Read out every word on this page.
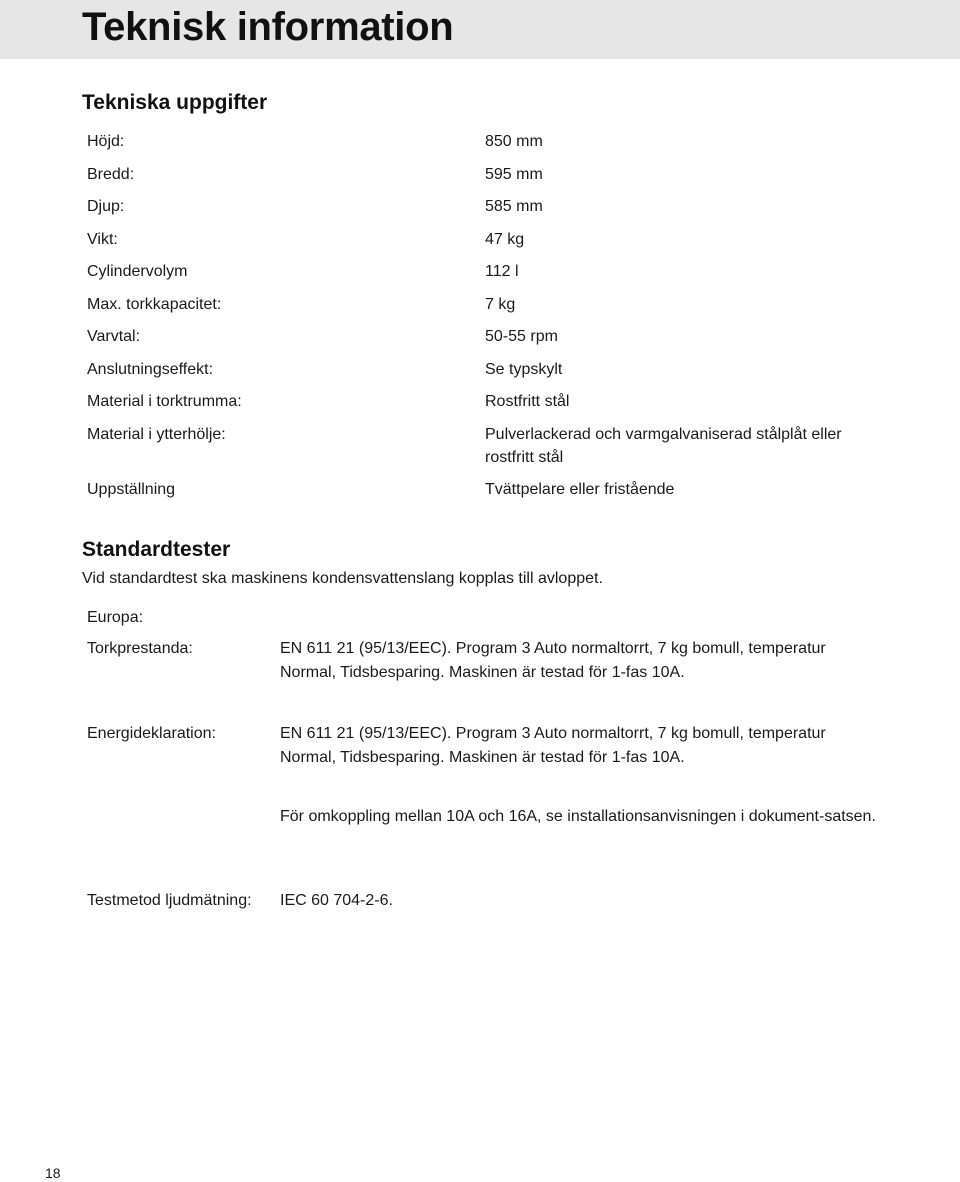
Teknisk information
Tekniska uppgifter
Höjd:	850 mm
Bredd:	595 mm
Djup:	585 mm
Vikt:	47 kg
Cylindervolym	112 l
Max. torkkapacitet:	7 kg
Varvtal:	50-55 rpm
Anslutningseffekt:	Se typskylt
Material i torktrumma:	Rostfritt stål
Material i ytterhölje:	Pulverlackerad och varmgalvaniserad stålplåt eller rostfritt stål
Uppställning	Tvättpelare eller fristående
Standardtester
Vid standardtest ska maskinens kondensvattenslang kopplas till avloppet.
Europa:
Torkprestanda:	EN 611 21 (95/13/EEC). Program 3 Auto normaltorrt, 7 kg bomull, temperatur Normal, Tidsbesparing. Maskinen är testad för 1-fas 10A.
Energideklaration:	EN 611 21 (95/13/EEC). Program 3 Auto normaltorrt, 7 kg bomull, temperatur Normal, Tidsbesparing. Maskinen är testad för 1-fas 10A.
För omkoppling mellan 10A och 16A, se installationsanvisningen i dokument-satsen.
Testmetod ljudmätning:	IEC 60 704-2-6.
18
